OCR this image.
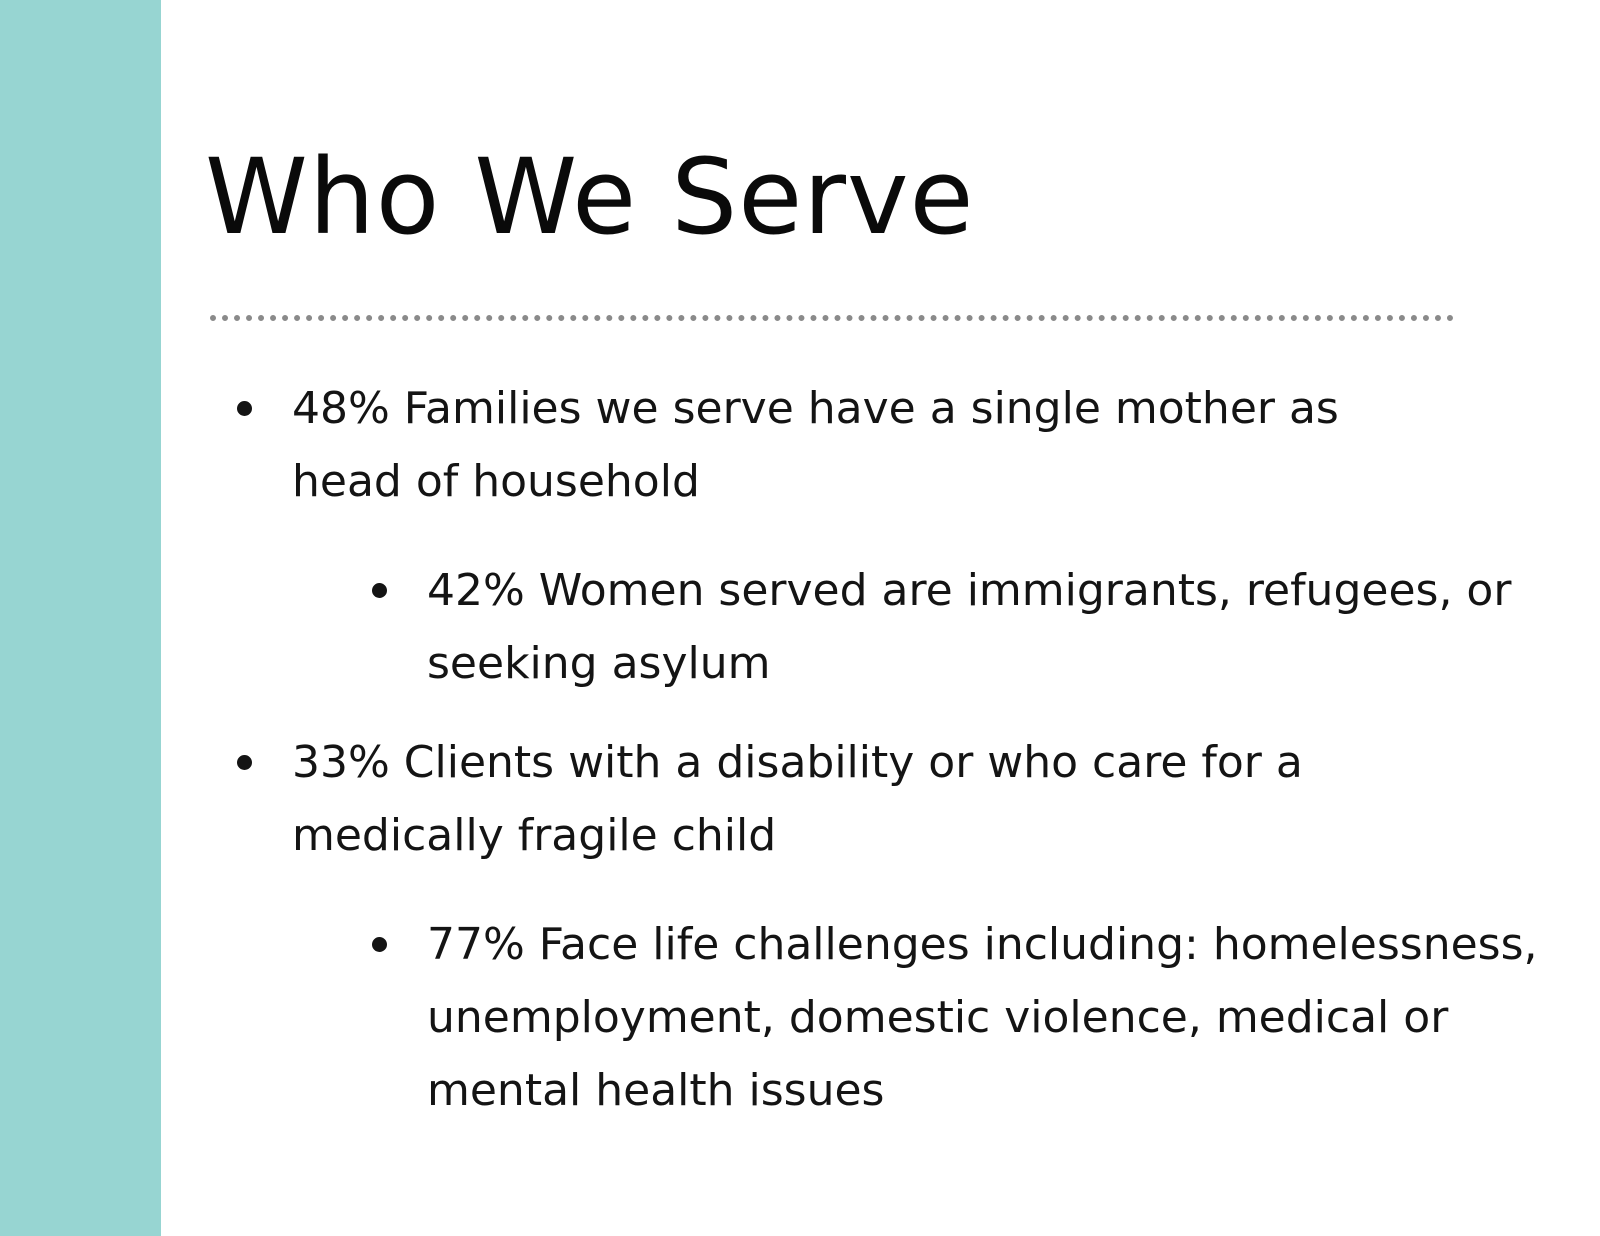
Who We Serve
48% Families we serve have a single mother as head of household
42% Women served are immigrants, refugees, or seeking asylum
33% Clients with a disability or who care for a medically fragile child
77% Face life challenges including: homelessness, unemployment, domestic violence, medical or mental health issues
